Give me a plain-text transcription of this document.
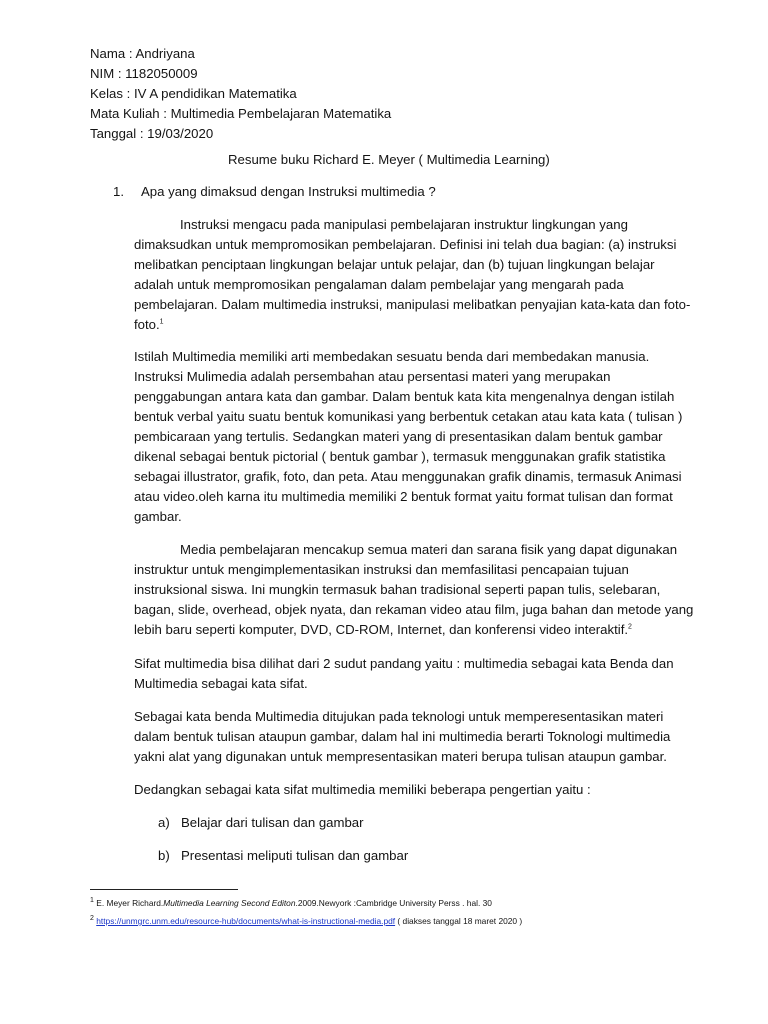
Nama : Andriyana
NIM : 1182050009
Kelas : IV A pendidikan Matematika
Mata Kuliah : Multimedia Pembelajaran Matematika
Tanggal : 19/03/2020
Resume buku Richard E. Meyer ( Multimedia Learning)
1. Apa yang dimaksud dengan Instruksi multimedia ?
Instruksi mengacu pada manipulasi pembelajaran instruktur lingkungan yang
dimaksudkan untuk mempromosikan pembelajaran. Definisi ini telah dua bagian: (a) instruksi
melibatkan penciptaan lingkungan belajar untuk pelajar, dan (b) tujuan lingkungan belajar
adalah untuk mempromosikan pengalaman dalam pembelajar yang mengarah pada
pembelajaran. Dalam multimedia instruksi, manipulasi melibatkan penyajian kata-kata dan foto-
foto.$^1$
Istilah Multimedia memiliki arti membedakan sesuatu benda dari membedakan manusia.
Instruksi Mulimedia adalah persembahan atau persentasi materi yang merupakan
penggabungan antara kata dan gambar. Dalam bentuk kata kita mengenalnya dengan istilah
bentuk verbal yaitu suatu bentuk komunikasi yang berbentuk cetakan atau kata kata ( tulisan )
pembicaraan yang tertulis. Sedangkan materi yang di presentasikan dalam bentuk gambar
dikenal sebagai bentuk pictorial ( bentuk gambar ), termasuk menggunakan grafik statistika
sebagai illustrator, grafik, foto, dan peta. Atau menggunakan grafik dinamis, termasuk Animasi
atau video.oleh karna itu multimedia memiliki 2 bentuk format yaitu format tulisan dan format
gambar.
Media pembelajaran mencakup semua materi dan sarana fisik yang dapat digunakan
instruktur untuk mengimplementasikan instruksi dan memfasilitasi pencapaian tujuan
instruksional siswa. Ini mungkin termasuk bahan tradisional seperti papan tulis, selebaran,
bagan, slide, overhead, objek nyata, dan rekaman video atau film, juga bahan dan metode yang
lebih baru seperti komputer, DVD, CD-ROM, Internet, dan konferensi video interaktif.$^2$
Sifat multimedia bisa dilihat dari 2 sudut pandang yaitu : multimedia sebagai kata Benda dan
Multimedia sebagai kata sifat.
Sebagai kata benda Multimedia ditujukan pada teknologi untuk memperesentasikan materi
dalam bentuk tulisan ataupun gambar, dalam hal ini multimedia berarti Toknologi multimedia
yakni alat yang digunakan untuk mempresentasikan materi berupa tulisan ataupun gambar.
Dedangkan sebagai kata sifat multimedia memiliki beberapa pengertian yaitu :
a) Belajar dari tulisan dan gambar
b) Presentasi meliputi tulisan dan gambar
$^1$ E. Meyer Richard.Multimedia Learning Second Editon.2009.Newyork :Cambridge University Perss . hal. 30
$^2$ https://unmgrc.unm.edu/resource-hub/documents/what-is-instructional-media.pdf ( diakses tanggal 18 maret 2020 )
